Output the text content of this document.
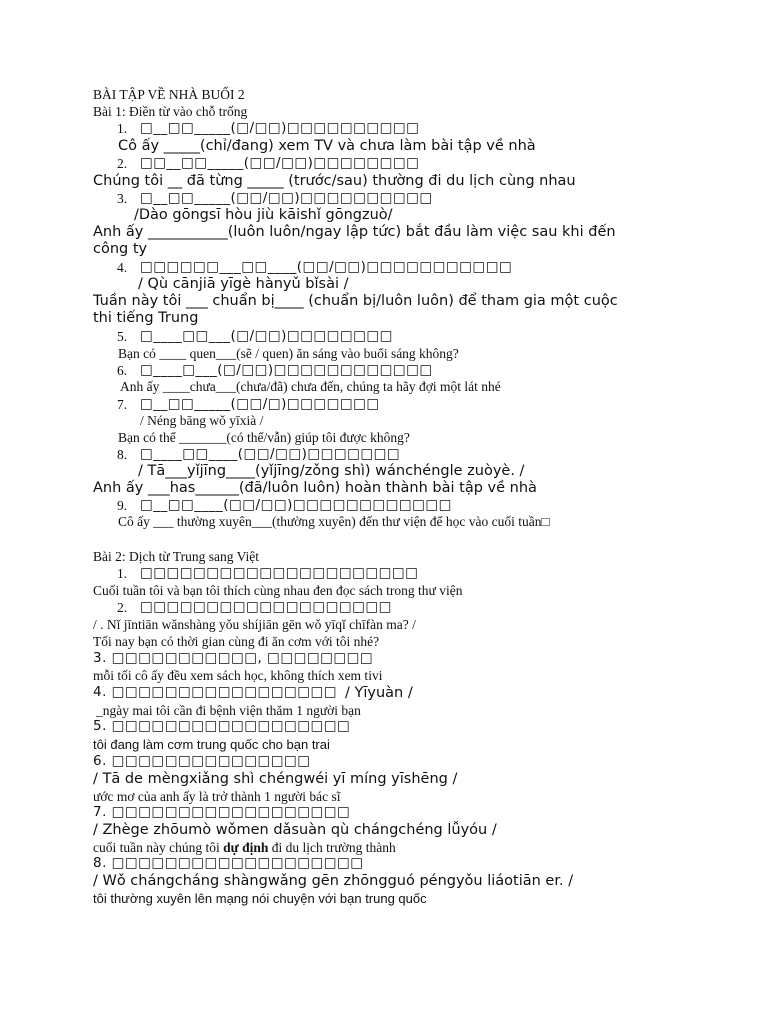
BÀI TẬP VỀ NHÀ BUỔI 2
Bài 1: Điền từ vào chỗ trống
1. □__□□_____(□/□□)□□□□□□□□□□
Cô ấy _____(chỉ/đang) xem TV và chưa làm bài tập về nhà
2. □□__□□_____(□□/□□)□□□□□□□□
Chúng tôi __ đã từng _____ (trước/sau) thường đi du lịch cùng nhau
3. □__□□_____(□□/□□)□□□□□□□□□□
/Dào gōngsī hòu jiù kāishǐ gōngzuò/
Anh ấy ___________(luôn luôn/ngay lập tức) bắt đầu làm việc sau khi đến
công ty
4. □□□□□□___□□____(□□/□□)□□□□□□□□□□□
/ Qù cānjiā yīgè hànyǔ bǐsài /
Tuần này tôi ___ chuẩn bị____ (chuẩn bị/luôn luôn) để tham gia một cuộc
thi tiếng Trung
5. □____□□___(□/□□)□□□□□□□□
Bạn có ____ quen___(sẽ / quen) ăn sáng vào buổi sáng không?
6. □____□___(□/□□)□□□□□□□□□□□□
Anh ấy ____chưa___(chưa/đã) chưa đến, chúng ta hãy đợi một lát nhé
7. □__□□_____(□□/□)□□□□□□□
/ Néng bāng wǒ yīxià /
Bạn có thể _______(có thể/vẫn) giúp tôi được không?
8. □____□□____(□□/□□)□□□□□□□
/ Tā___yǐjīng____(yǐjīng/zǒng shì) wánchéngle zuòyè. /
Anh ấy ___has______(đã/luôn luôn) hoàn thành bài tập về nhà
9. □__□□____(□□/□□)□□□□□□□□□□□□
Cô ấy ___ thường xuyên___(thường xuyên) đến thư viện để học vào cuối tuần□
Bài 2: Dịch từ Trung sang Việt
1. □□□□□□□□□□□□□□□□□□□□□
Cuối tuần tôi và bạn tôi thích cùng nhau đen đọc sách trong thư viện
2. □□□□□□□□□□□□□□□□□□□
/ . Nǐ jīntiān wǎnshàng yǒu shíjiān gēn wǒ yīqǐ chīfàn ma? /
Tối nay bạn có thời gian cùng đi ăn cơm với tôi nhé?
3. □□□□□□□□□□□, □□□□□□□□
mỗi tối cô ấy đều xem sách học, không thích xem tivi
4. □□□□□□□□□□□□□□□□□ / Yīyuàn /
_ngày mai tôi cần đi bệnh viện thăm 1 người bạn
5. □□□□□□□□□□□□□□□□□□
tôi đang làm cơm trung quốc cho bạn trai
6. □□□□□□□□□□□□□□□
/ Tā de mèngxiǎng shì chéngwéi yī míng yīshēng /
ước mơ của anh ấy là trở thành 1 người bác sĩ
7. □□□□□□□□□□□□□□□□□□
/ Zhège zhōumò wǒmen dǎsuàn qù chángchéng lǚyóu /
cuối tuần này chúng tôi dự định đi du lịch trường thành
8. □□□□□□□□□□□□□□□□□□□
/ Wǒ chángcháng shàngwǎng gēn zhōngguó péngyǒu liáotiān er. /
tôi thường xuyên lên mạng nói chuyện với bạn trung quốc
